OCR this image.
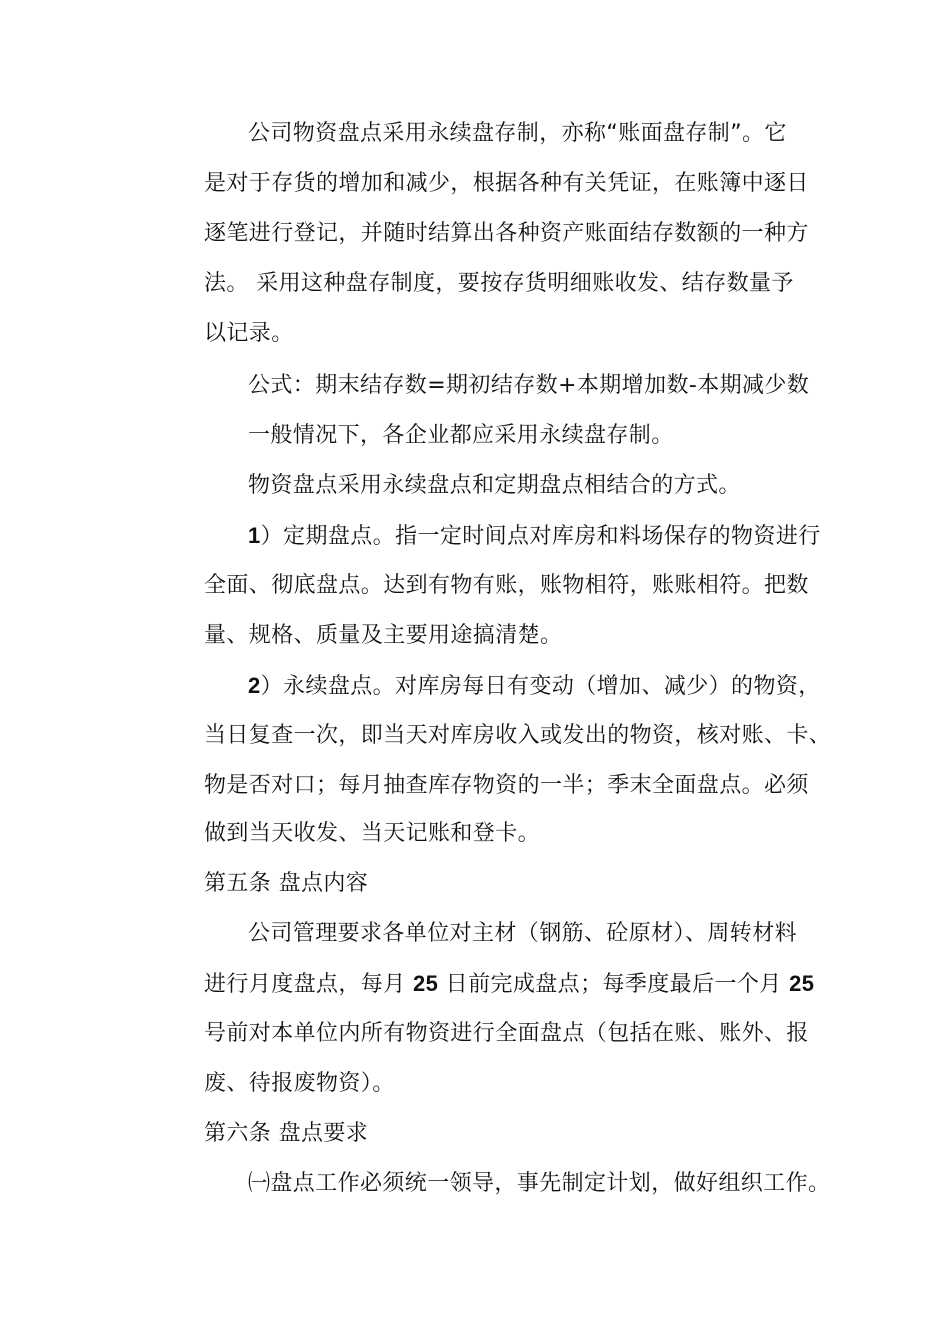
公司物资盘点采用永续盘存制，亦称“账面盘存制”。它
是对于存货的增加和减少，根据各种有关凭证，在账簿中逐日
逐笔进行登记，并随时结算出各种资产账面结存数额的一种方
法。 采用这种盘存制度，要按存货明细账收发、结存数量予
以记录。
公式：期末结存数=期初结存数+本期增加数-本期减少数
一般情况下，各企业都应采用永续盘存制。
物资盘点采用永续盘点和定期盘点相结合的方式。
1）定期盘点。指一定时间点对库房和料场保存的物资进行
全面、彻底盘点。达到有物有账，账物相符，账账相符。把数
量、规格、质量及主要用途搞清楚。
2）永续盘点。对库房每日有变动（增加、减少）的物资，
当日复查一次，即当天对库房收入或发出的物资，核对账、卡、
物是否对口；每月抽查库存物资的一半；季末全面盘点。必须
做到当天收发、当天记账和登卡。
第五条 盘点内容
公司管理要求各单位对主材（钢筋、砼原材）、周转材料
进行月度盘点，每月 25 日前完成盘点；每季度最后一个月 25
号前对本单位内所有物资进行全面盘点（包括在账、账外、报
废、待报废物资）。
第六条 盘点要求
㈠盘点工作必须统一领导，事先制定计划，做好组织工作。
